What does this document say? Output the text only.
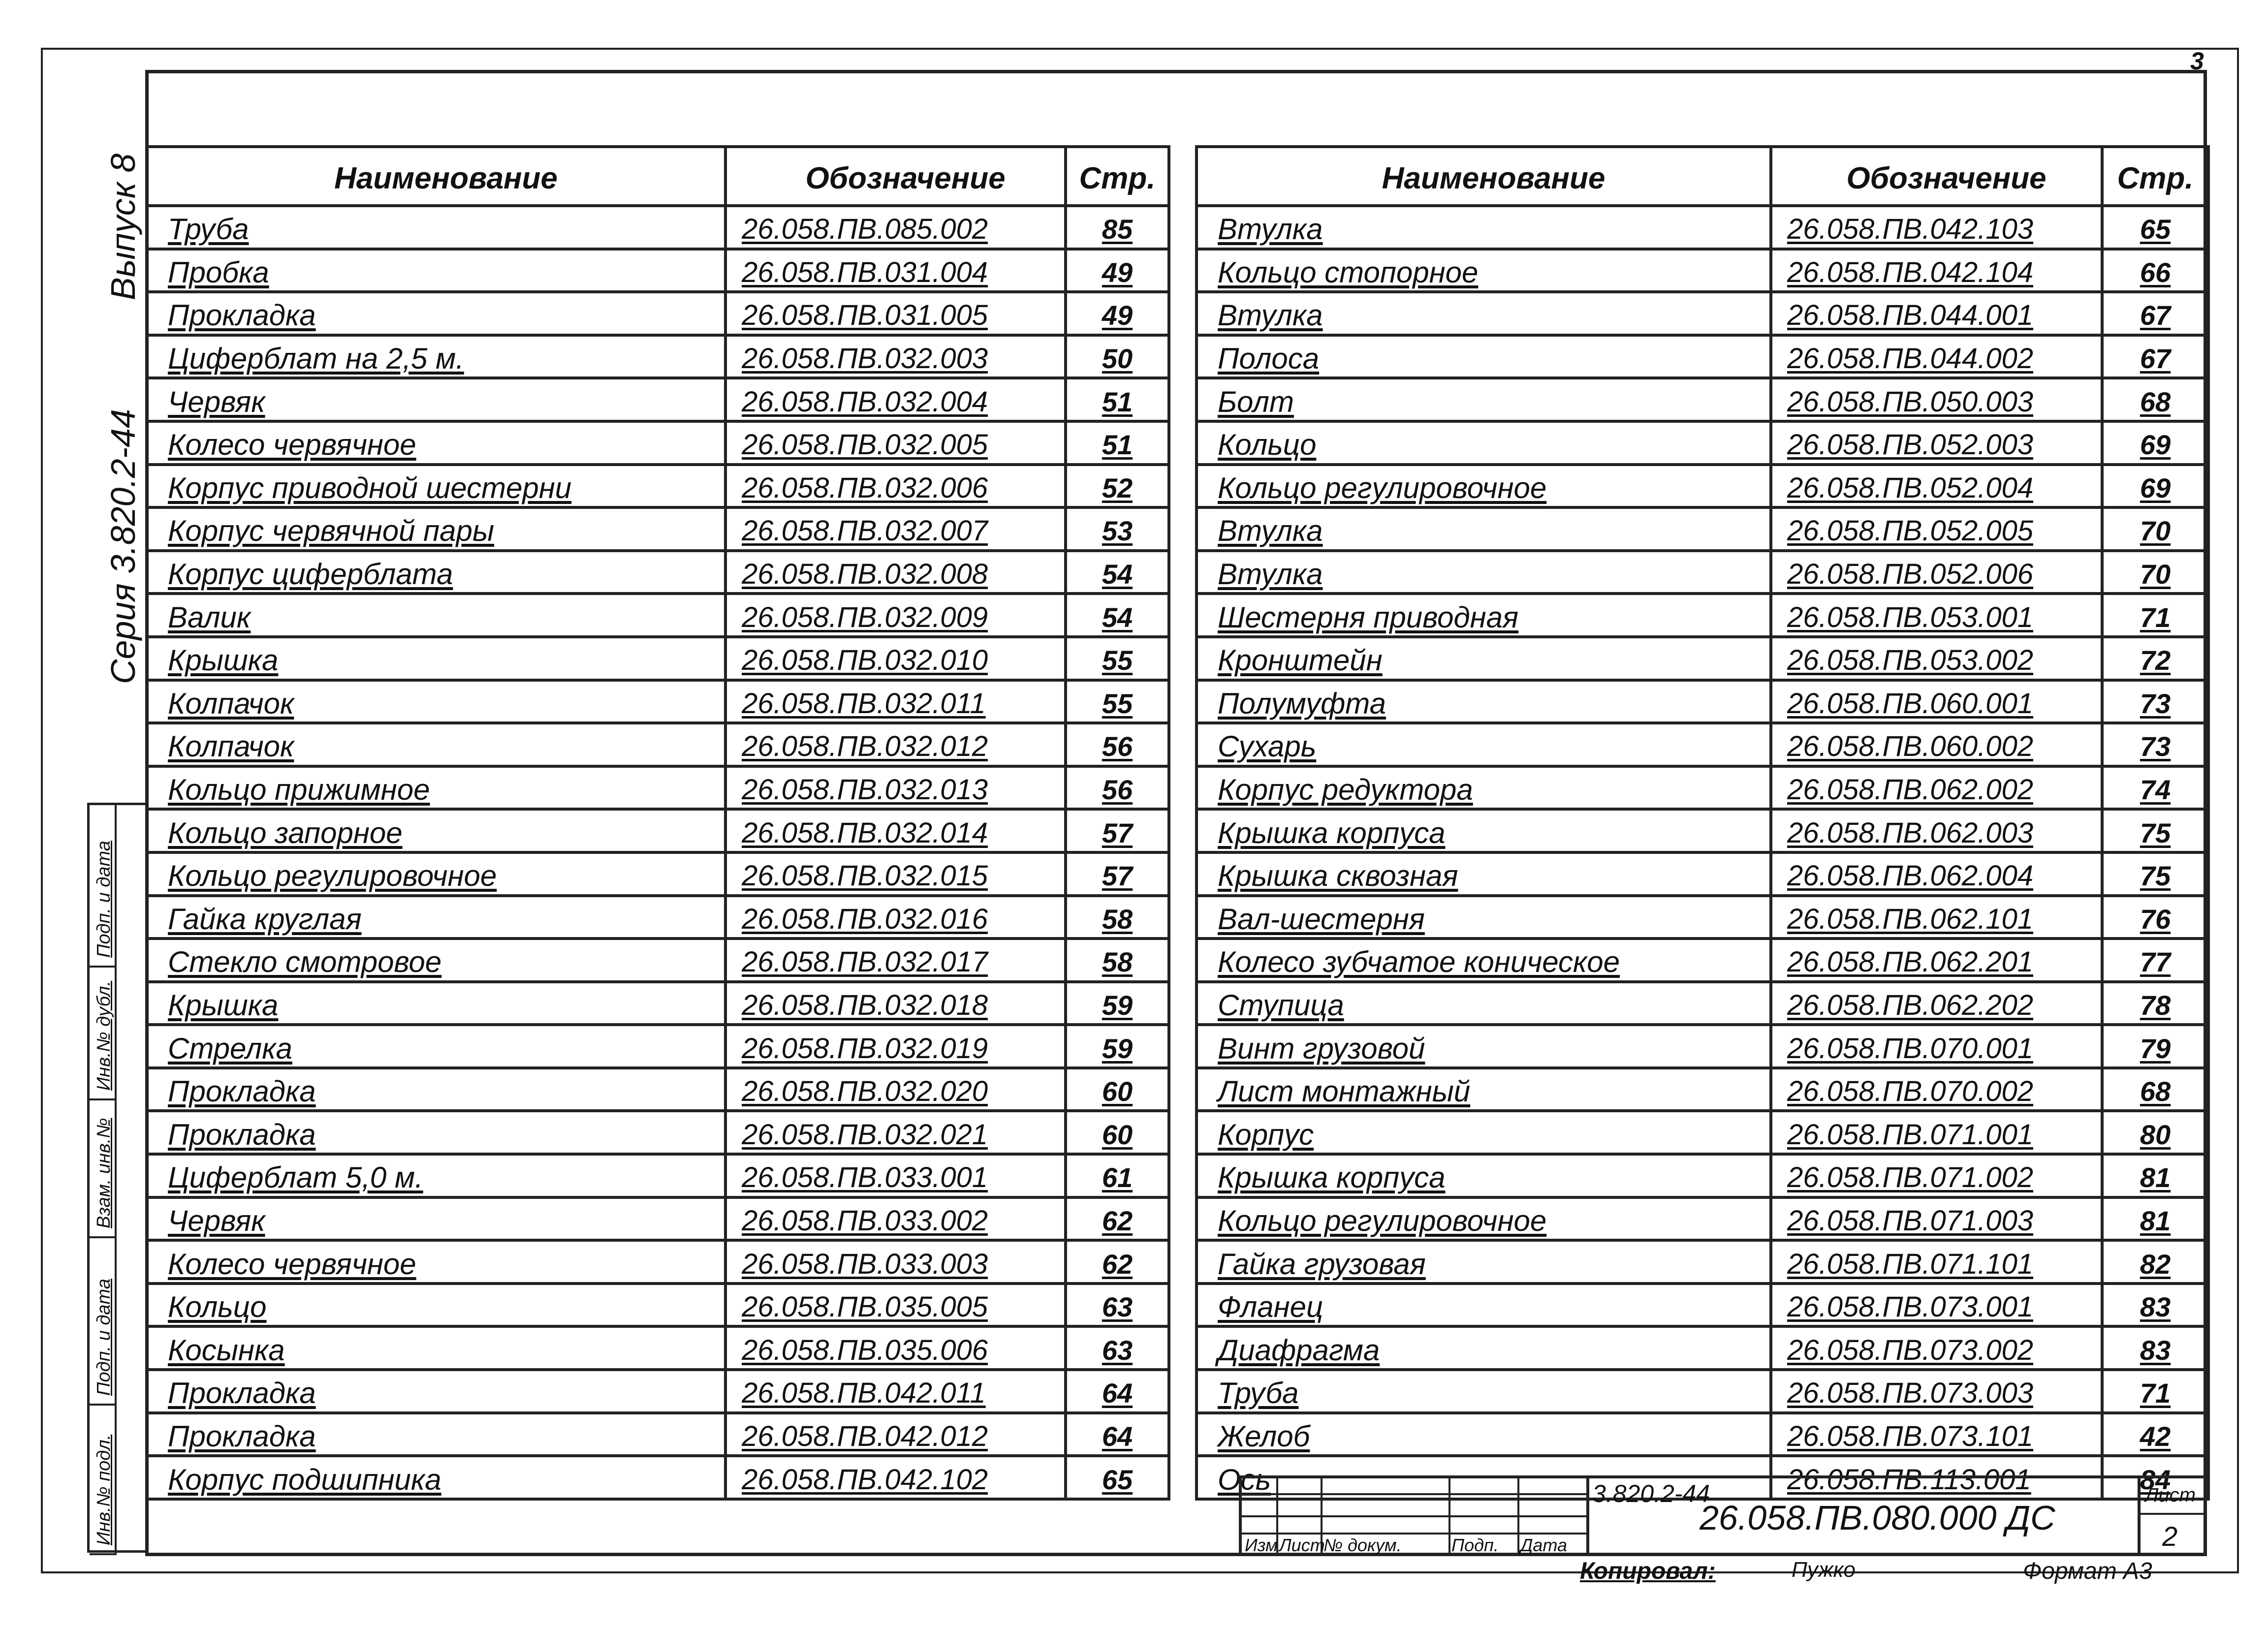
3
Серия 3.820.2-44
Выпуск 8
Подп. и дата
Инв.№ дубл.
Взам. инв.№
Подп. и дата
Инв.№ подл.
Наименование	Обозначение	Стр.
Труба	26.058.ПВ.085.002	85
Пробка	26.058.ПВ.031.004	49
Прокладка	26.058.ПВ.031.005	49
Циферблат на 2,5 м.	26.058.ПВ.032.003	50
Червяк	26.058.ПВ.032.004	51
Колесо червячное	26.058.ПВ.032.005	51
Корпус приводной шестерни	26.058.ПВ.032.006	52
Корпус червячной пары	26.058.ПВ.032.007	53
Корпус циферблата	26.058.ПВ.032.008	54
Валик	26.058.ПВ.032.009	54
Крышка	26.058.ПВ.032.010	55
Колпачок	26.058.ПВ.032.011	55
Колпачок	26.058.ПВ.032.012	56
Кольцо прижимное	26.058.ПВ.032.013	56
Кольцо запорное	26.058.ПВ.032.014	57
Кольцо регулировочное	26.058.ПВ.032.015	57
Гайка круглая	26.058.ПВ.032.016	58
Стекло смотровое	26.058.ПВ.032.017	58
Крышка	26.058.ПВ.032.018	59
Стрелка	26.058.ПВ.032.019	59
Прокладка	26.058.ПВ.032.020	60
Прокладка	26.058.ПВ.032.021	60
Циферблат 5,0 м.	26.058.ПВ.033.001	61
Червяк	26.058.ПВ.033.002	62
Колесо червячное	26.058.ПВ.033.003	62
Кольцо	26.058.ПВ.035.005	63
Косынка	26.058.ПВ.035.006	63
Прокладка	26.058.ПВ.042.011	64
Прокладка	26.058.ПВ.042.012	64
Корпус подшипника	26.058.ПВ.042.102	65
Наименование	Обозначение	Стр.
Втулка	26.058.ПВ.042.103	65
Кольцо стопорное	26.058.ПВ.042.104	66
Втулка	26.058.ПВ.044.001	67
Полоса	26.058.ПВ.044.002	67
Болт	26.058.ПВ.050.003	68
Кольцо	26.058.ПВ.052.003	69
Кольцо регулировочное	26.058.ПВ.052.004	69
Втулка	26.058.ПВ.052.005	70
Втулка	26.058.ПВ.052.006	70
Шестерня приводная	26.058.ПВ.053.001	71
Кронштейн	26.058.ПВ.053.002	72
Полумуфта	26.058.ПВ.060.001	73
Сухарь	26.058.ПВ.060.002	73
Корпус редуктора	26.058.ПВ.062.002	74
Крышка корпуса	26.058.ПВ.062.003	75
Крышка сквозная	26.058.ПВ.062.004	75
Вал-шестерня	26.058.ПВ.062.101	76
Колесо зубчатое коническое	26.058.ПВ.062.201	77
Ступица	26.058.ПВ.062.202	78
Винт грузовой	26.058.ПВ.070.001	79
Лист монтажный	26.058.ПВ.070.002	68
Корпус	26.058.ПВ.071.001	80
Крышка корпуса	26.058.ПВ.071.002	81
Кольцо регулировочное	26.058.ПВ.071.003	81
Гайка грузовая	26.058.ПВ.071.101	82
Фланец	26.058.ПВ.073.001	83
Диафрагма	26.058.ПВ.073.002	83
Труба	26.058.ПВ.073.003	71
Желоб	26.058.ПВ.073.101	42
Ось	26.058.ПВ.113.001	84
Изм Лист
№ докум.	Подп. Дата
3.820.2-44
26.058.ПВ.080.000 ДС
Лист
2
Копировал:	Пужко	Формат А3
